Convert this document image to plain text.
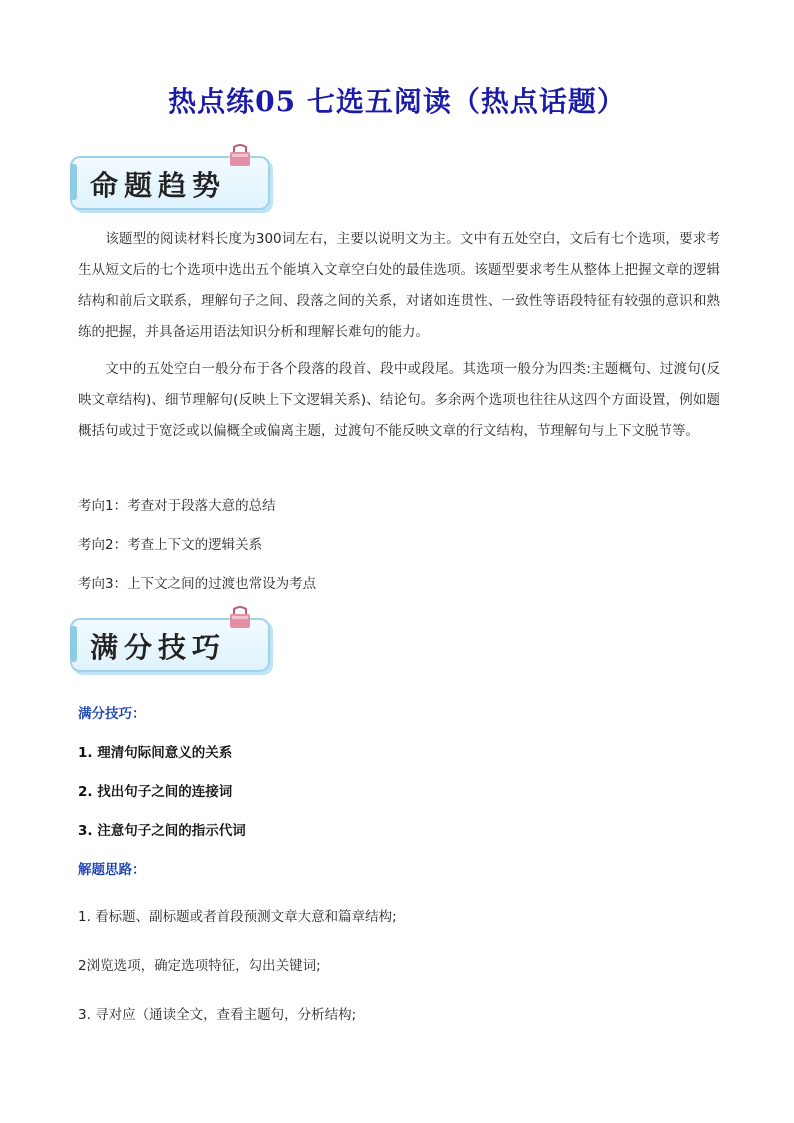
热点练05 七选五阅读（热点话题）
命题趋势
该题型的阅读材料长度为300词左右，主要以说明文为主。文中有五处空白，文后有七个选项，要求考生从短文后的七个选项中选出五个能填入文章空白处的最佳选项。该题型要求考生从整体上把握文章的逻辑结构和前后文联系，理解句子之间、段落之间的关系，对诸如连贯性、一致性等语段特征有较强的意识和熟练的把握，并具备运用语法知识分析和理解长难句的能力。
文中的五处空白一般分布于各个段落的段首、段中或段尾。其选项一般分为四类:主题概句、过渡句(反映文章结构)、细节理解句(反映上下文逻辑关系)、结论句。多余两个选项也往往从这四个方面设置，例如题概括句或过于宽泛或以偏概全或偏离主题，过渡句不能反映文章的行文结构，节理解句与上下文脱节等。
考向1：考查对于段落大意的总结
考向2：考查上下文的逻辑关系
考向3：上下文之间的过渡也常设为考点
满分技巧
满分技巧：
1. 理清句际间意义的关系
2. 找出句子之间的连接词
3. 注意句子之间的指示代词
解题思路：
1. 看标题、副标题或者首段预测文章大意和篇章结构;
2浏览选项，确定选项特征，勾出关键词;
3. 寻对应（通读全文，查看主题句，分析结构;
